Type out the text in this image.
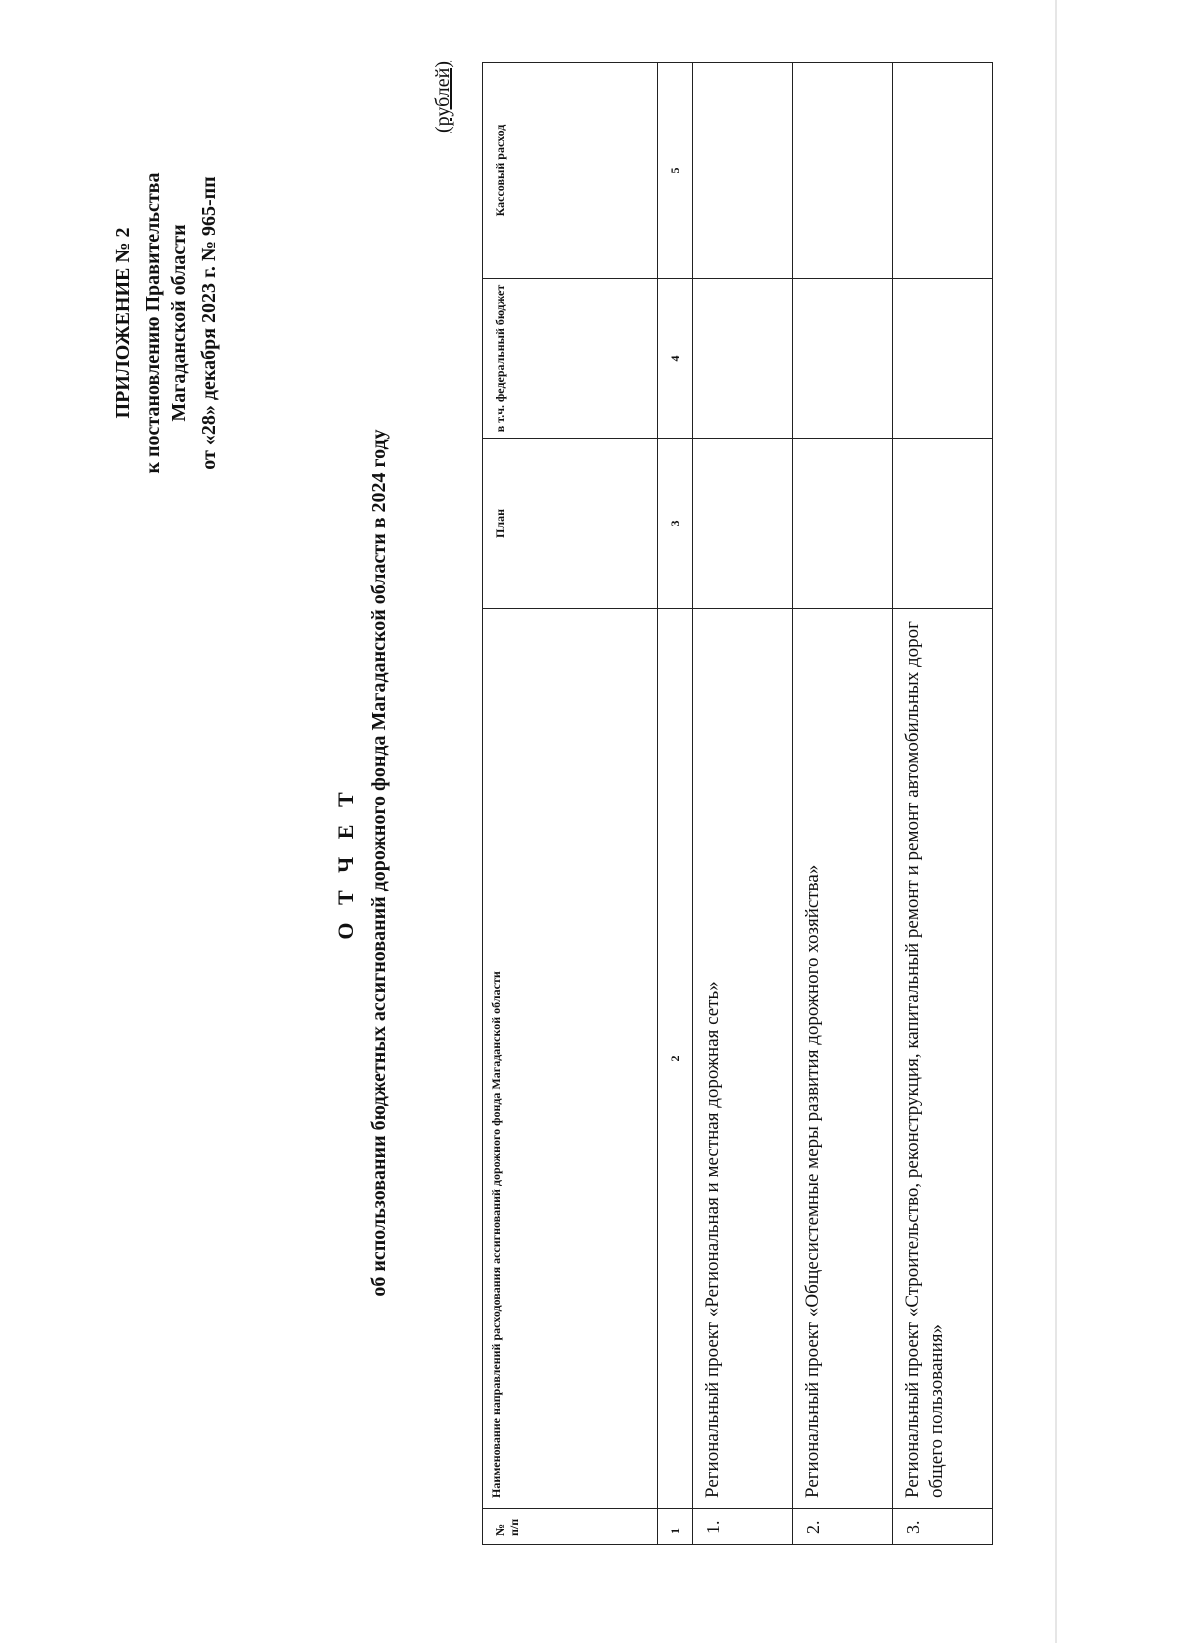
ПРИЛОЖЕНИЕ № 2 к постановлению Правительства Магаданской области от «28» декабря 2023 г. № 965-пп
О Т Ч Е Т об использовании бюджетных ассигнований дорожного фонда Магаданской области в 2024 году
(рублей)
№ п/п	Наименование направлений расходования ассигнований дорожного фонда Магаданской области	План	в т.ч. федеральный бюджет	Кассовый расход
1	2	3	4	5
1.	Региональный проект «Региональная и местная дорожная сеть»			
2.	Региональный проект «Общесистемные меры развития дорожного хозяйства»			
3.	Региональный проект «Строительство, реконструкция, капитальный ремонт и ремонт автомобильных дорог общего пользования»			
